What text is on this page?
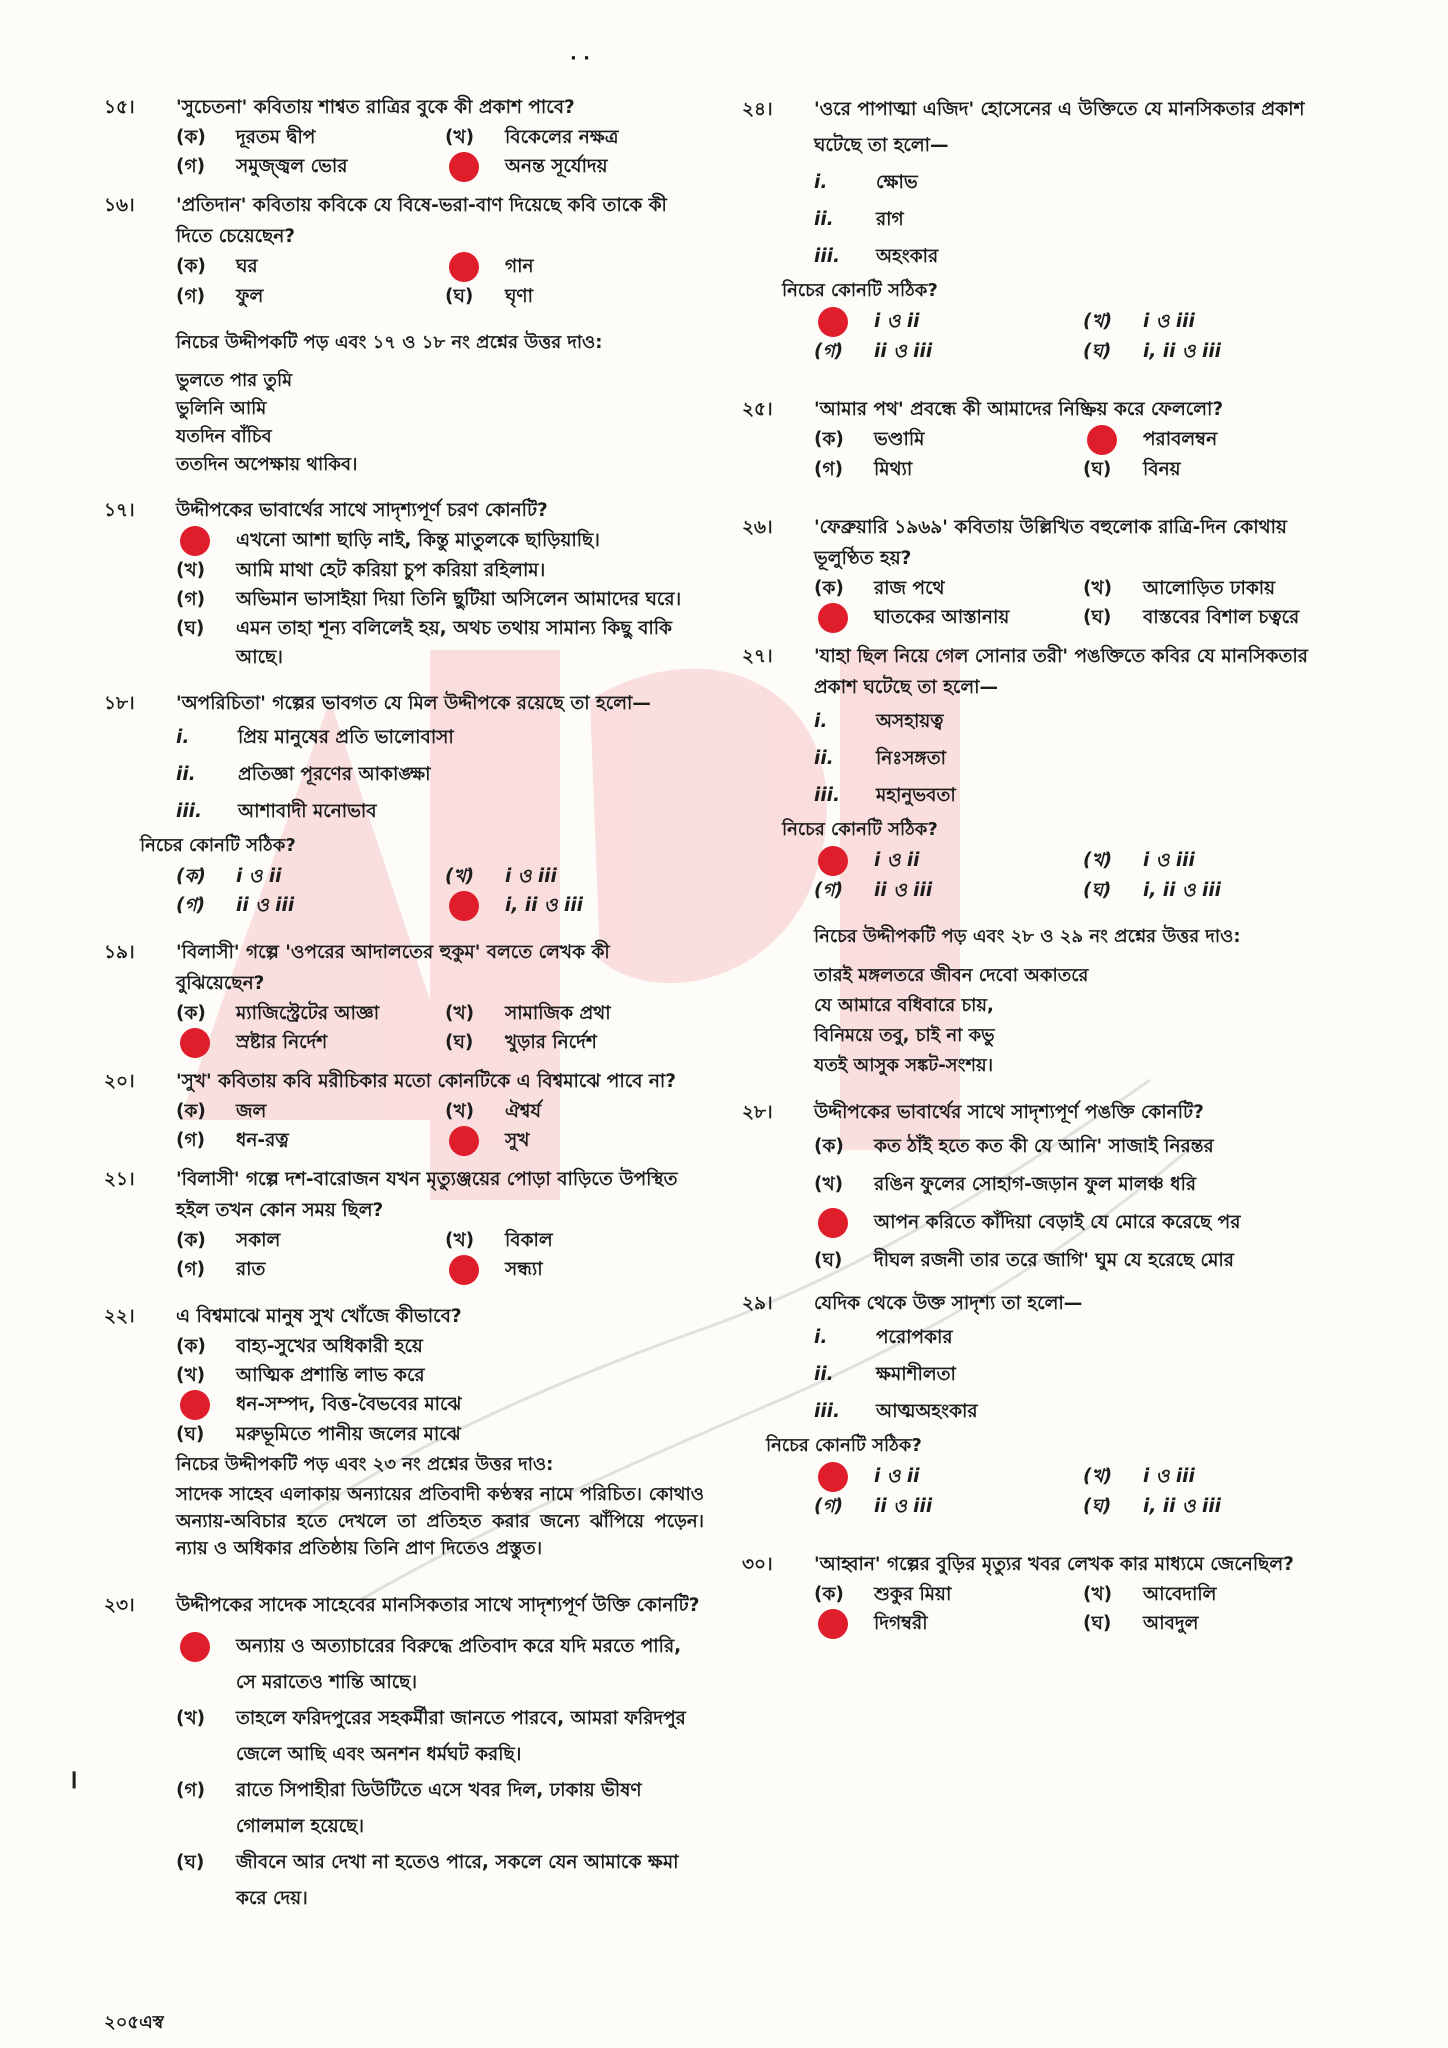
· ·
।
১৫।	'সুচেতনা' কবিতায় শাশ্বত রাত্রির বুকে কী প্রকাশ পাবে?
(ক)	দূরতম দ্বীপ	(খ)	বিকেলের নক্ষত্র
(গ)	সমুজ্জ্বল ভোর	অনন্ত সূর্যোদয়
১৬।	'প্রতিদান' কবিতায় কবিকে যে বিষে-ভরা-বাণ দিয়েছে কবি তাকে কী দিতে চেয়েছেন?
(ক)	ঘর	গান
(গ)	ফুল	(ঘ)	ঘৃণা
নিচের উদ্দীপকটি পড় এবং ১৭ ও ১৮ নং প্রশ্নের উত্তর দাও:
ভুলতে পার তুমি
ভুলিনি আমি
যতদিন বাঁচিব
ততদিন অপেক্ষায় থাকিব।
১৭।	উদ্দীপকের ভাবার্থের সাথে সাদৃশ্যপূর্ণ চরণ কোনটি?
এখনো আশা ছাড়ি নাই, কিন্তু মাতুলকে ছাড়িয়াছি।
(খ)	আমি মাথা হেট করিয়া চুপ করিয়া রহিলাম।
(গ)	অভিমান ভাসাইয়া দিয়া তিনি ছুটিয়া অসিলেন আমাদের ঘরে।
(ঘ)	এমন তাহা শূন্য বলিলেই হয়, অথচ তথায় সামান্য কিছু বাকি আছে।
১৮।	'অপরিচিতা' গল্পের ভাবগত যে মিল উদ্দীপকে রয়েছে তা হলো—
i.	প্রিয় মানুষের প্রতি ভালোবাসা
ii.	প্রতিজ্ঞা পূরণের আকাঙ্ক্ষা
iii.	আশাবাদী মনোভাব
নিচের কোনটি সঠিক?
(ক)	i ও ii	(খ)	i ও iii
(গ)	ii ও iii	i, ii ও iii
১৯।	'বিলাসী' গল্পে 'ওপরের আদালতের হুকুম' বলতে লেখক কী বুঝিয়েছেন?
(ক)	ম্যাজিস্ট্রেটের আজ্ঞা	(খ)	সামাজিক প্রথা
স্রষ্টার নির্দেশ	(ঘ)	খুড়ার নির্দেশ
২০।	'সুখ' কবিতায় কবি মরীচিকার মতো কোনটিকে এ বিশ্বমাঝে পাবে না?
(ক)	জল	(খ)	ঐশ্বর্য
(গ)	ধন-রত্ন	সুখ
২১।	'বিলাসী' গল্পে দশ-বারোজন যখন মৃত্যুঞ্জয়ের পোড়া বাড়িতে উপস্থিত হইল তখন কোন সময় ছিল?
(ক)	সকাল	(খ)	বিকাল
(গ)	রাত	সন্ধ্যা
২২।	এ বিশ্বমাঝে মানুষ সুখ খোঁজে কীভাবে?
(ক)	বাহ্য-সুখের অধিকারী হয়ে
(খ)	আত্মিক প্রশান্তি লাভ করে
ধন-সম্পদ, বিত্ত-বৈভবের মাঝে
(ঘ)	মরুভূমিতে পানীয় জলের মাঝে
নিচের উদ্দীপকটি পড় এবং ২৩ নং প্রশ্নের উত্তর দাও:
সাদেক সাহেব এলাকায় অন্যায়ের প্রতিবাদী কণ্ঠস্বর নামে পরিচিত। কোথাও অন্যায়-অবিচার হতে দেখলে তা প্রতিহত করার জন্যে ঝাঁপিয়ে পড়েন। ন্যায় ও অধিকার প্রতিষ্ঠায় তিনি প্রাণ দিতেও প্রস্তুত।
২৩।	উদ্দীপকের সাদেক সাহেবের মানসিকতার সাথে সাদৃশ্যপূর্ণ উক্তি কোনটি?
অন্যায় ও অত্যাচারের বিরুদ্ধে প্রতিবাদ করে যদি মরতে পারি, সে মরাতেও শান্তি আছে।
(খ)	তাহলে ফরিদপুরের সহকর্মীরা জানতে পারবে, আমরা ফরিদপুর জেলে আছি এবং অনশন ধর্মঘট করছি।
(গ)	রাতে সিপাহীরা ডিউটিতে এসে খবর দিল, ঢাকায় ভীষণ গোলমাল হয়েছে।
(ঘ)	জীবনে আর দেখা না হতেও পারে, সকলে যেন আমাকে ক্ষমা করে দেয়।
২৪।	'ওরে পাপাত্মা এজিদ' হোসেনের এ উক্তিতে যে মানসিকতার প্রকাশ ঘটেছে তা হলো—
i.	ক্ষোভ
ii.	রাগ
iii.	অহংকার
নিচের কোনটি সঠিক?
i ও ii	(খ)	i ও iii
(গ)	ii ও iii	(ঘ)	i, ii ও iii
২৫।	'আমার পথ' প্রবন্ধে কী আমাদের নিষ্ক্রিয় করে ফেললো?
(ক)	ভণ্ডামি	পরাবলম্বন
(গ)	মিথ্যা	(ঘ)	বিনয়
২৬।	'ফেব্রুয়ারি ১৯৬৯' কবিতায় উল্লিখিত বহুলোক রাত্রি-দিন কোথায় ভূলুণ্ঠিত হয়?
(ক)	রাজ পথে	(খ)	আলোড়িত ঢাকায়
ঘাতকের আস্তানায়	(ঘ)	বাস্তবের বিশাল চত্বরে
২৭।	'যাহা ছিল নিয়ে গেল সোনার তরী' পঙক্তিতে কবির যে মানসিকতার প্রকাশ ঘটেছে তা হলো—
i.	অসহায়ত্ব
ii.	নিঃসঙ্গতা
iii.	মহানুভবতা
নিচের কোনটি সঠিক?
i ও ii	(খ)	i ও iii
(গ)	ii ও iii	(ঘ)	i, ii ও iii
নিচের উদ্দীপকটি পড় এবং ২৮ ও ২৯ নং প্রশ্নের উত্তর দাও:
তারই মঙ্গলতরে জীবন দেবো অকাতরে
যে আমারে বধিবারে চায়,
বিনিময়ে তবু, চাই না কভু
যতই আসুক সঙ্কট-সংশয়।
২৮।	উদ্দীপকের ভাবার্থের সাথে সাদৃশ্যপূর্ণ পঙক্তি কোনটি?
(ক)	কত ঠাঁই হতে কত কী যে আনি' সাজাই নিরন্তর
(খ)	রঙিন ফুলের সোহাগ-জড়ান ফুল মালঞ্চ ধরি
আপন করিতে কাঁদিয়া বেড়াই যে মোরে করেছে পর
(ঘ)	দীঘল রজনী তার তরে জাগি' ঘুম যে হরেছে মোর
২৯।	যেদিক থেকে উক্ত সাদৃশ্য তা হলো—
i.	পরোপকার
ii.	ক্ষমাশীলতা
iii.	আত্মঅহংকার
নিচের কোনটি সঠিক?
i ও ii	(খ)	i ও iii
(গ)	ii ও iii	(ঘ)	i, ii ও iii
৩০।	'আহ্বান' গল্পের বুড়ির মৃত্যুর খবর লেখক কার মাধ্যমে জেনেছিল?
(ক)	শুকুর মিয়া	(খ)	আবেদালি
দিগম্বরী	(ঘ)	আবদুল
২০৫এস্ব
